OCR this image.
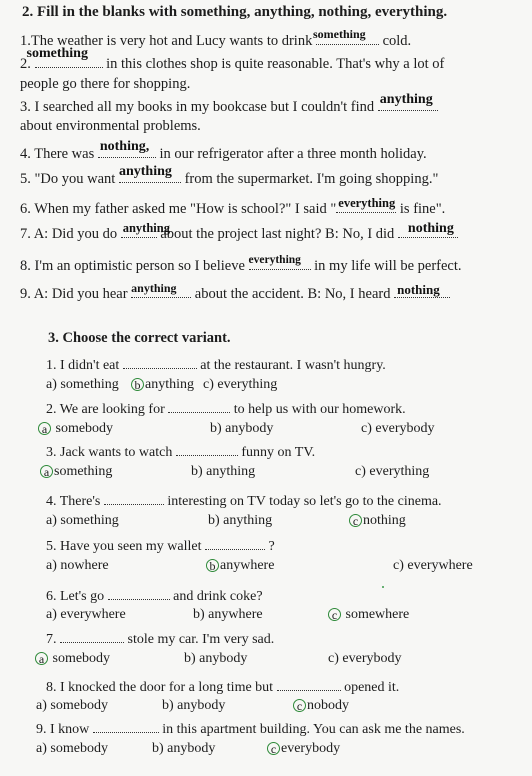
2. Fill in the blanks with something, anything, nothing, everything.
1.The weather is very hot and Lucy wants to drink
something cold.
2.
something
in this clothes shop is quite reasonable. That's why a lot of
people go there for shopping.
3. I searched all my books in my bookcase but I couldn't find anything
about environmental problems.
4. There was nothing, in our refrigerator after a three month holiday.
5. "Do you want anything from the supermarket. I'm going shopping."
6. When my father asked me "How is school?" I said " everything is fine".
7. A: Did you do anything
about the project last night? B: No, I did nothing
8. I'm an optimistic person so I believe everything in my life will be perfect.
9. A: Did you hear anything about the accident. B: No, I heard nothing
3. Choose the correct variant.
1. I didn't eat	at the restaurant. I wasn't hungry.
a) something b anything c) everything
2. We are looking for	to help us with our homework.
a somebody	b) anybody	c) everybody
3. Jack wants to watch	funny on TV.
a something	b) anything	c) everything
4. There's	interesting on TV today so let's go to the cinema.
a) something	b) anything	c nothing
5. Have you seen my wallet	?
a) nowhere	b anywhere	c) everywhere
6. Let's go	and drink coke?
a) everywhere	b) anywhere	c somewhere
7.	stole my car. I'm very sad.
a somebody	b) anybody	c) everybody
8. I knocked the door for a long time but	opened it.
a) somebody	b) anybody	c nobody
9. I know	in this apartment building. You can ask me the names.
a) somebody	b) anybody	c everybody
